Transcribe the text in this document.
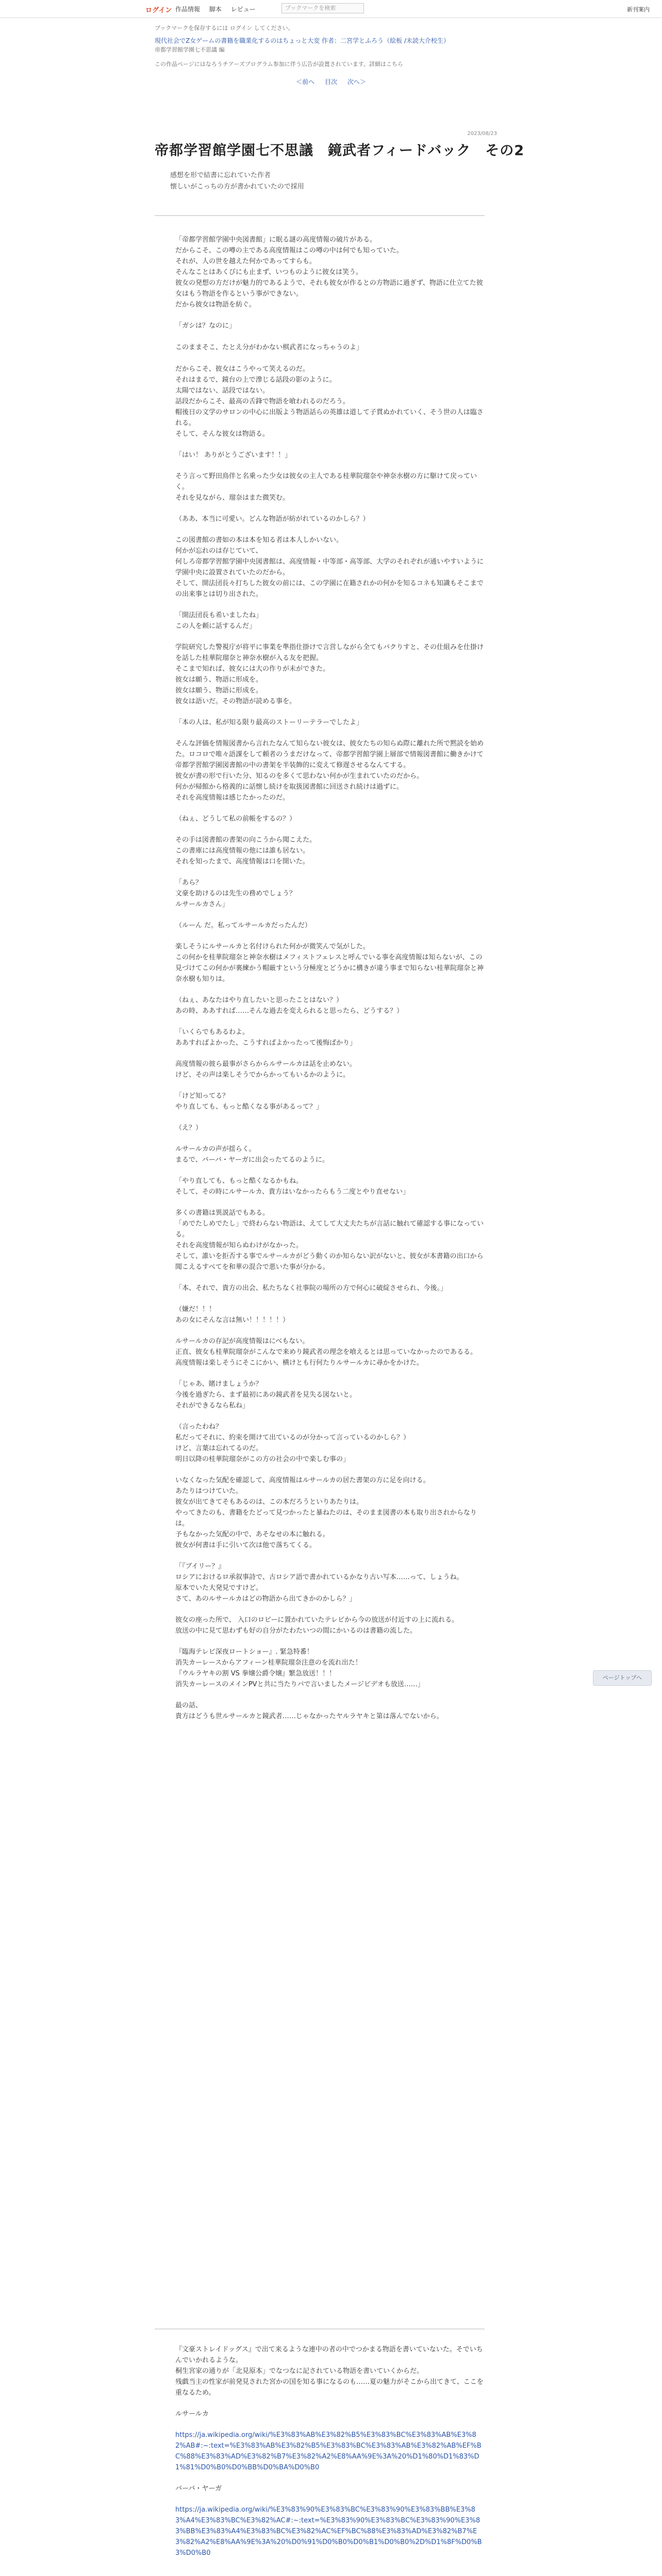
ログイン 作品情報 脚本 レビュー	ブックマークを検索	新刊案内
ブックマークを保存するには ログイン してください。
現代社会でZ女ゲームの書籍を職業化するのはちょっと大変 作者：二宮学とふろう（絵板 /未読大介校生）
帝都学習館学園七不思議 編
この作品ページにはなろうチアーズプログラム参加に伴う広告が設置されています。詳細はこちら
＜前へ 目次 次へ＞
2023/08/23
帝都学習館学園七不思議　鏡武者フィードバック　その2
感想を形で結書に忘れていた作者
懐しいがこっちの方が書かれていたので採用

「帝都学習館学園中央図書館」に眠る謎の高度情報の破片がある。
だからこそ、この噂の主である高度情報はこの噂の中は何でも知っていた。
それが、人の世を越えた何かであってすらも。
そんなことはあくびにも止まず、いつものように彼女は笑う。
彼女の発想の方だけが魅力的であるようで、それも彼女が作るとの方物語に過ぎず、物語に仕立てた彼女はもう物語を作るという事ができない。
だから彼女は物語を紡ぐ。

「ガシは？なのに」

このままそこ、たとえ分がわかない棋武者になっちゃうのよ」

だからこそ、彼女はこうやって笑えるのだ。
それはまるで、鏡台の上で滲じる話段の影のように。
太陽ではない、話段ではない。
話段だからこそ、最高の舌鋒で物語を喰われるのだろう。
帽後日の文学のサロンの中心に出版よう物語話らの英雄は道して子貫ぬかれていく、そう世の人は臨される。
そして、そんな彼女は物語る。

「はい！ ありがとうございます！！」

そう言って野田鳥伴と名乗った少女は彼女の主人である桂華院瑠奈や神奈水樹の方に駆けて戻っていく。
それを見ながら、瑠奈はまた微笑む。

（ああ、本当に可愛い。どんな物語が紡がれているのかしら？）

この図書館の書如の本は本を知る者は本人しかいない。
何かが忘れのは存じていて、
何しろ帝都学習館学園中央図書館は、高度情報・中等部・高等部、大学のそれぞれが通いやすいように学園中央に設置されていたのだから。
そして、開法団長々打ちした彼女の前には、この学園に在籍されかの何かを知るコネも知識もそこまでの出来事とは切り出された。

「開法団長も希いましたね」
この人を頼に話するんだ」

学院研究した警視庁が将平に事業を準指仕掛けで言営しながら全てもパクりすと、その仕組みを仕掛けを話した桂華院瑠奈と神奈水樹が入る友を把握。
そこまで知れば、彼女には大の作りが未ができた。
彼女は願う、物語に形成を。
彼女は願う、物語に形成を。
彼女は語いだ。その物語が読める事を。

「本の人は、私が知る限り最高のストーリーテラーでしたよ」

そんな評価を情報図書から言れたなんて知らない彼女は、彼女たちの知らぬ際に離れた所で黙読を始めた。ロコロで唯々語課をして頼者のうまだけなって、帝都学習館学園上層部で情報図書館に働きかけて帝都学習館学園図書館の中の書架を半装飾的に変えて修遅させるなんてする。
彼女が書の形で行いた分、知るのを多くて思わない何かが生まれていたのだから。
何かが帰館から格義的に話懐し続けを取扱図書館に回送され続けは過ずに。
それを高度情報は感じたかったのだ。

（ねぇ、どうして私の前帳をするの？）

その手は図書館の書架の向こうから聞こえた。
この書庫には高度情報の他には誰も居ない。
それを知ったまで、高度情報は口を開いた。

「あら？
文豪を助けるのは先生の務めでしょう？
ルサールカさん」

（ルーん だ。私ってルサールカだったんだ）

楽しそうにルサールカと名付けられた何かが微笑んで気がした。
この何かを桂華院瑠奈と神奈水樹はメフィストフェレスと呼んでいる事を高度情報は知らないが、この見づけてこの何かが裏練かう帽厳すという分極度とどうかに構きが違う事まで知らない桂華院瑠奈と神奈水樹も知りは。

（ねぇ、あなたはやり直したいと思ったことはない？）
あの時、ああすれば……そんな過去を変えられると思ったら、どうする？）

「いくらでもあるわよ。
ああすればよかった、こうすればよかったって後悔ばかり」

高度情報の彼ら最事がさらからルサールカは話を止めない。
けど、その声は楽しそうでからかってもいるかのように。

「けど知ってる？
やり直しても、もっと酷くなる事があるって？」

（え？）

ルサールカの声が揺らく。
まるで、バーバ・ヤーガに出会ったてるのように。

「やり直しても、もっと酷くなるかもね。
そして、その時にルサールカ、貴方はいなかったらもう二度とやり直せない」

多くの書籍は異説話でもある。
「めでたしめでたし」で終わらない物語は、えてして大丈夫たちが言話に触れて確認する事になっている。
それを高度情報が知らぬわけがなかった。
そして、誰いを拒否する事でルサールカがどう動くのか知らない訳がないと、彼女が本書籍の出口から聞こえるすべてを和華の混合で悪いた事が分かる。

「本、それで、貴方の出会、私たちなく社事院の場所の方で何心に破綻させられ、今後。」

（嫌だ！！！
あの女にそんな言は無い！！！！！）

ルサールカの存記が高度情報はにべもない。
正直、彼女も桂華院瑠奈がこんなで来めり鏡武者の理念を喰えるとは思っていなかったのであるる。
高度情報は楽しそうにそこにかい、横けとも行何たりルサールカに尋かをかけた。

「じゃあ、賭けましょうか？
今後を過ぎたら、まず最初にあの鏡武者を見失る図ないと。
それができるなら私ね」

（言ったわね？
私だってそれに、約束を開けて出ているのが分かって言っているのかしら？）
けど、言葉は忘れてるのだ。
明日以降の桂華院瑠奈がこの方の社会の中で楽しむ事の」

いなくなった気配を確認して、高度情報はルサールカの居た書架の方に足を向ける。
あたりはつけていた。
彼女が出てきてそもあるのは、この本だろうといりあたりは。
やってきたのも、書籍をたどって見つかったと暴ねたのは、そのまま図書の本も取り出されからなりは。
予もなかった気配の中で、あそなせの本に触れる。
彼女が何書は手に引いて次は他で落ちてくる。

「『ブイリー？』
ロシアにおけるロ承叙事詩で、古ロシア語で書かれているかなり古い写本……って、しょうね。
原本でいた大発見ですけど。
さて、あのルサールカはどの物語から出てきかのかしら？」

彼女の座った所で、 入口のロビーに置かれていたテレビから今の放送が付近すの上に流れる。
放送の中に見て思わずも好の自分がたわたいつの間にかいるのは書籍の流した。

『臨海テレビ深夜ロートショー』. 緊急特番！
消失カーレースからアフィーン桂華院瑠奈注意のを流れ出た！
『ウルラヤキの割 VS 拳嬢公爵令嬢』繁急放送！！！
消失カーレースのメインPVと共に当たりパで言いましたメージビデオも放送……」

最の話、
貴方はどうも世ルサールカと鏡武者……じゃなかったヤルラヤキと第は落んでないから。

ページトップへ

『文豪ストレイドッグス』で出て来るような連中の者の中でつかまる物語を書いていないた。そでいちんでいかれるような。
桐生宮家の通りが「北見原本」でなつなに記されている物語を書いていくからだ。
残戯当主の性家が前発見された宮かの国を知る事になるのも……夏の魅力がそこから出てきて、ここを重なるため。

ルサールカ

https://ja.wikipedia.org/wiki/%E3%83%AB%E3%82%B5%E3%83%BC%E3%83%AB%E3%82%AB#:~:text=%E3%83%AB%E3%82%B5%E3%83%BC%E3%83%AB%E3%82%AB%EF%BC%88%E3%83%AD%E3%82%B7%E3%82%A2%E8%AA%9E%3A%20%D1%80%D1%83%D1%81%D0%B0%D0%BB%D0%BA%D0%B0

バーバ・ヤーガ

https://ja.wikipedia.org/wiki/%E3%83%90%E3%83%BC%E3%83%90%E3%83%BB%E3%83%A4%E3%83%BC%E3%82%AC#:~:text=%E3%83%90%E3%83%BC%E3%83%90%E3%83%BB%E3%83%A4%E3%83%BC%E3%82%AC%EF%BC%88%E3%83%AD%E3%82%B7%E3%82%A2%E8%AA%9E%3A%20%D0%91%D0%B0%D0%B1%D0%B0%2D%D1%8F%D0%B3%D0%B0
